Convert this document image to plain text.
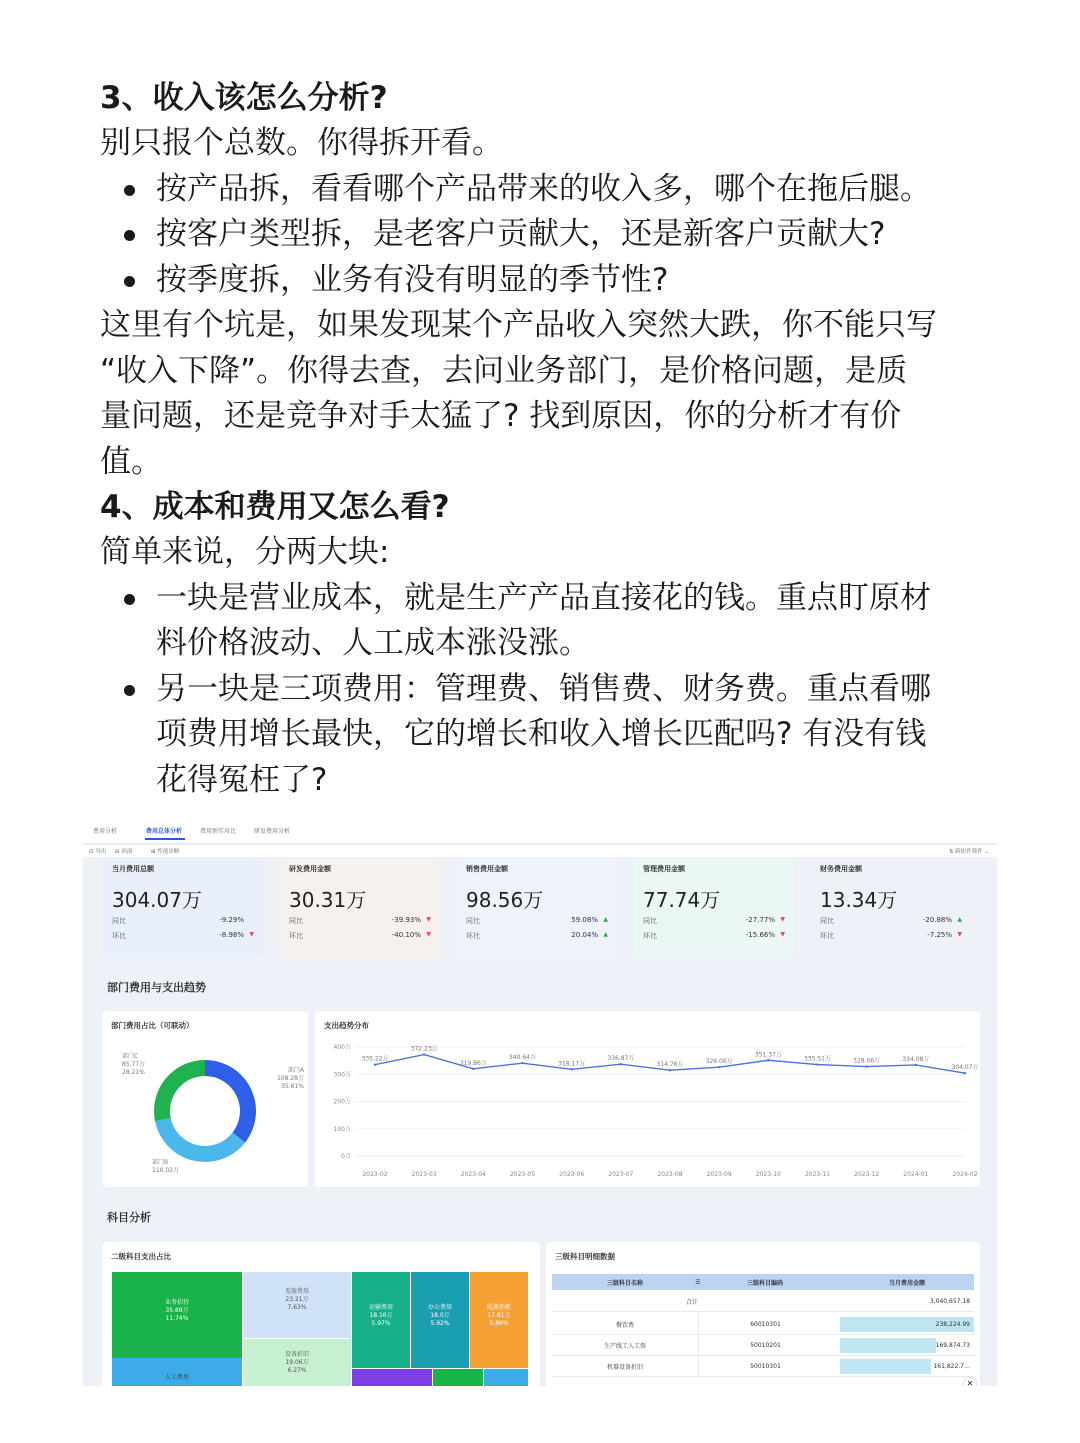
3、收入该怎么分析?
别只报个总数。你得拆开看。
按产品拆，看看哪个产品带来的收入多，哪个在拖后腿。
按客户类型拆，是老客户贡献大，还是新客户贡献大?
按季度拆，业务有没有明显的季节性?
这里有个坑是，如果发现某个产品收入突然大跌，你不能只写
“收入下降”。你得去查，去问业务部门，是价格问题，是质
量问题，还是竞争对手太猛了? 找到原因，你的分析才有价
值。
4、成本和费用又怎么看?
简单来说，分两大块:
一块是营业成本，就是生产产品直接花的钱。重点盯原材
料价格波动、人工成本涨没涨。
另一块是三项费用：管理费、销售费、财务费。重点看哪
项费用增长最快，它的增长和收入增长匹配吗? 有没有钱
花得冤枉了?
费用分析	费用总体分析	费用预实对比	研发费用分析
⊡ 导出 ⊟ 回滚	⊞ 性能诊断	⇅ 跨组件筛件 ⌄
当月费用总额
304.07万
同比	-9.29%
环比	-8.98% ▼
研发费用金额
30.31万
同比	-39.93% ▼
环比	-40.10% ▼
销售费用金额
98.56万
同比	59.08% ▲
环比	20.04% ▲
管理费用金额
77.74万
同比	-27.77% ▼
环比	-15.66% ▼
财务费用金额
13.34万
同比	-20.88% ▲
环比	-7.25% ▼
部门费用与支出趋势
部门费用占比（可联动）
部门C
85.77万
28.21%	部门A
108.28万
35.61%
部门B
110.02万
支出趋势分布
0万
100万
200万
300万
400万
2023-02	2023-03	2023-04	2023-05	2023-06	2023-07	2023-08	2023-09	2023-10	2023-11	2023-12	2024-01	2024-02
335.22万
372.23万
319.86万
340.64万
318.17万
336.87万
314.76万	326.06万
351.37万
335.51万	328.06万	334.08万
304.07万
科目分析
二级科目支出占比
业务招待
35.69万
11.74%
人工费用
差旅费用
23.21万
7.63%
设备折旧
19.06万
6.27%
运输费用
18.16万
5.97%
办公费用
18.0万
5.92%
能源消耗
17.81万
5.86%
三级科目明细数据
三级科目名称	☰	三级科目编码	当月费用金额
合计	3,040,657.18
餐饮费	60010301	238,224.99
生产线工人工资	50010201	169,874.73
机器设备折旧	50010301	161,822.7…
✕
